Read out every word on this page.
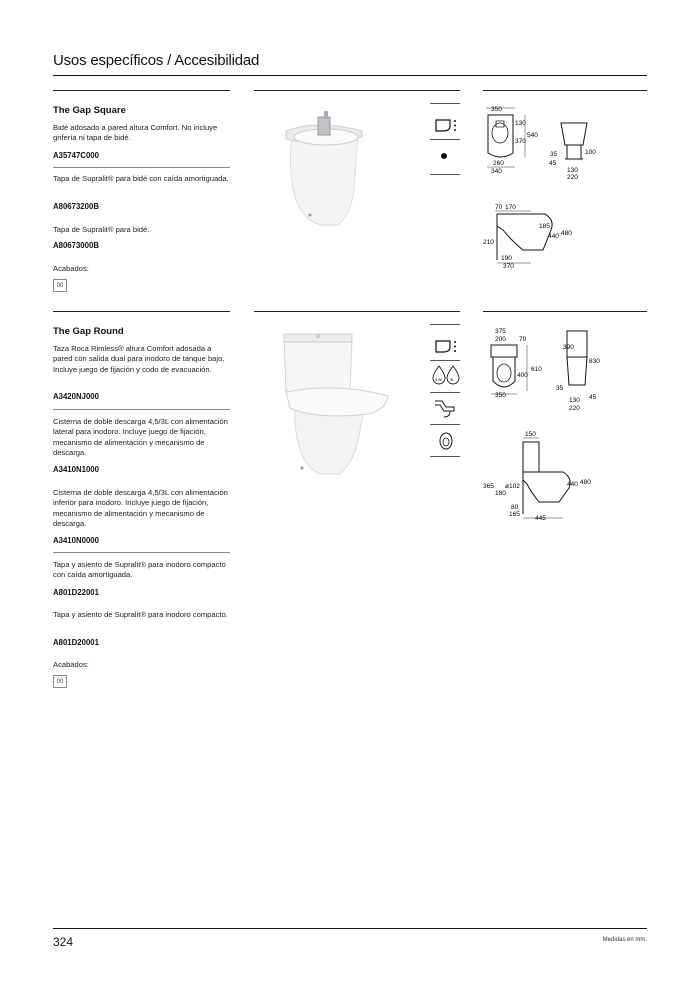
Usos específicos / Accesibilidad
The Gap Square
Bidé adosado a pared altura Comfort. No incluye grifería ni tapa de bidé.
A35747C000
Tapa de Supralit® para bidé con caída amortiguada.
A80673200B
Tapa de Supralit® para bidé.
A80673000B
Acabados:
00
350
130
370
540
260
340
35	100
45
130
220
70 170
185
440 480
210
190
370
The Gap Round
Taza Roca Rimless® altura Comfort adosada a pared con salida dual para inodoro de tanque bajo. Incluye juego de fijación y codo de evacuación.
A3420NJ000
Cisterna de doble descarga 4,5/3L con alimentación lateral para inodoro. Incluye juego de fijación, mecanismo de alimentación y mecanismo de descarga.
A3410N1000
Cisterna de doble descarga 4,5/3L con alimentación inferior para inodoro. Incluye juego de fijación, mecanismo de alimentación y mecanismo de descarga.
A3410N0000
Tapa y asiento de Supralit® para inodoro compacto con caída amortiguada.
A801D22001
Tapa y asiento de Supralit® para inodoro compacto.
A801D20001
Acabados:
00
4,5L 3L
375
200 70
610
400
350
390
830
35
130 45
220
150
440 480
365 ø102
180
80
165
445
324	Medidas en mm.
